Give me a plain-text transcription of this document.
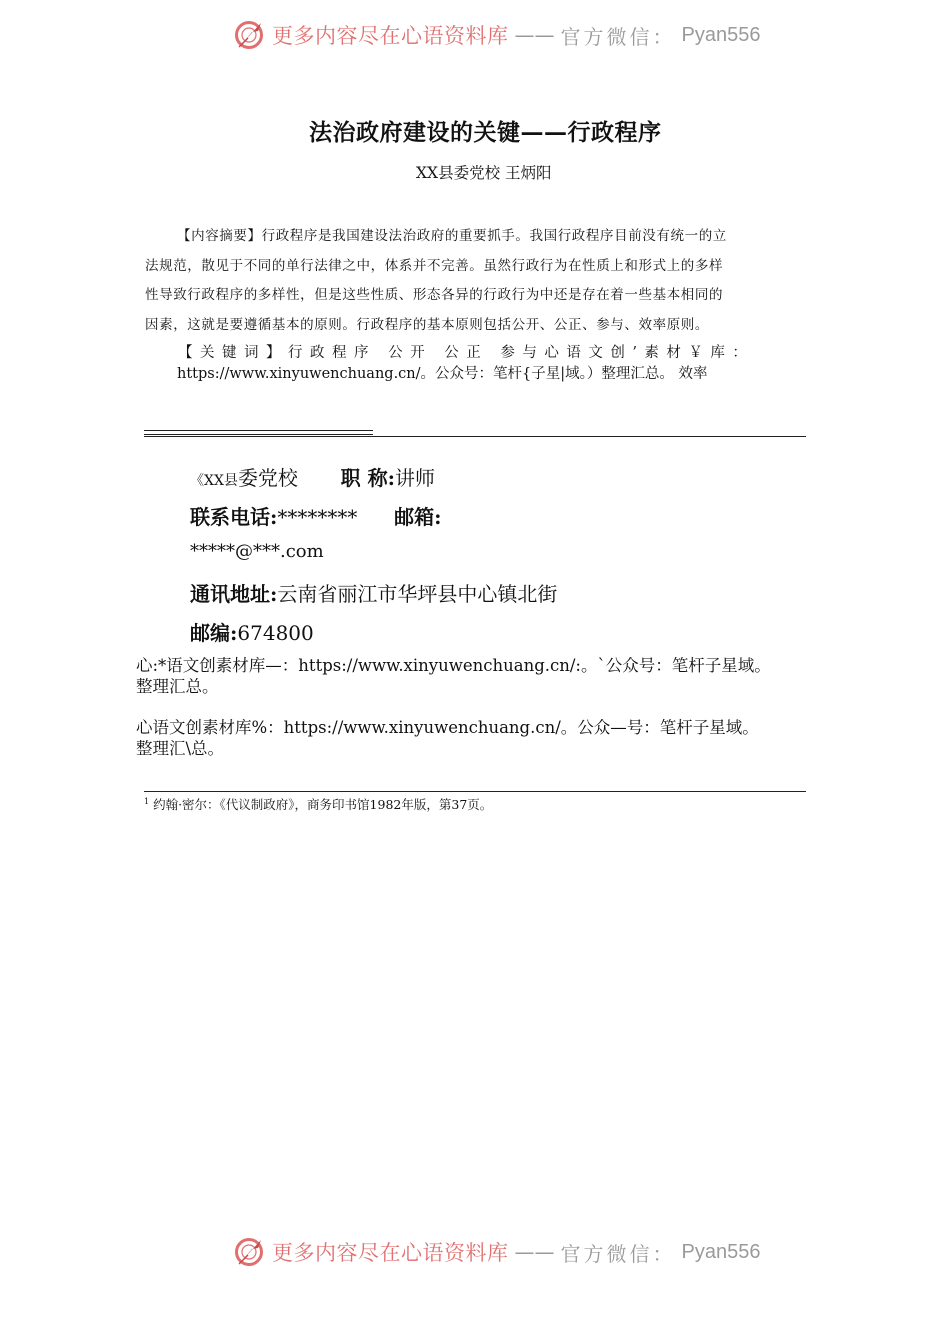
更多内容尽在心语资料库 —— 官方微信： Pyan556
法治政府建设的关键——行政程序
XX县委党校 王炳阳
【内容摘要】行政程序是我国建设法治政府的重要抓手。我国行政程序目前没有统一的立
法规范，散见于不同的单行法律之中，体系并不完善。虽然行政行为在性质上和形式上的多样
性导致行政程序的多样性，但是这些性质、形态各异的行政行为中还是存在着一些基本相同的
因素，这就是要遵循基本的原则。行政程序的基本原则包括公开、公正、参与、效率原则。
【关键词】行政程序 公开 公正 参与心语文创’素材￥库：
https://www.xinyuwenchuang.cn/。公众号：笔杆{子星|域。）整理汇总。 效率
《XX县委党校 职 称:讲师
联系电话:******** 邮箱:
*****@***.com
通讯地址:云南省丽江市华坪县中心镇北街
邮编:674800
心:*语文创素材库—：https://www.xinyuwenchuang.cn/:。`公众号：笔杆子星域。
整理汇总。
心语文创素材库%：https://www.xinyuwenchuang.cn/。公众—号：笔杆子星域。
整理汇\总。
$^1$ 约翰·密尔：《代议制政府》，商务印书馆1982年版，第37页。
更多内容尽在心语资料库 —— 官方微信： Pyan556
